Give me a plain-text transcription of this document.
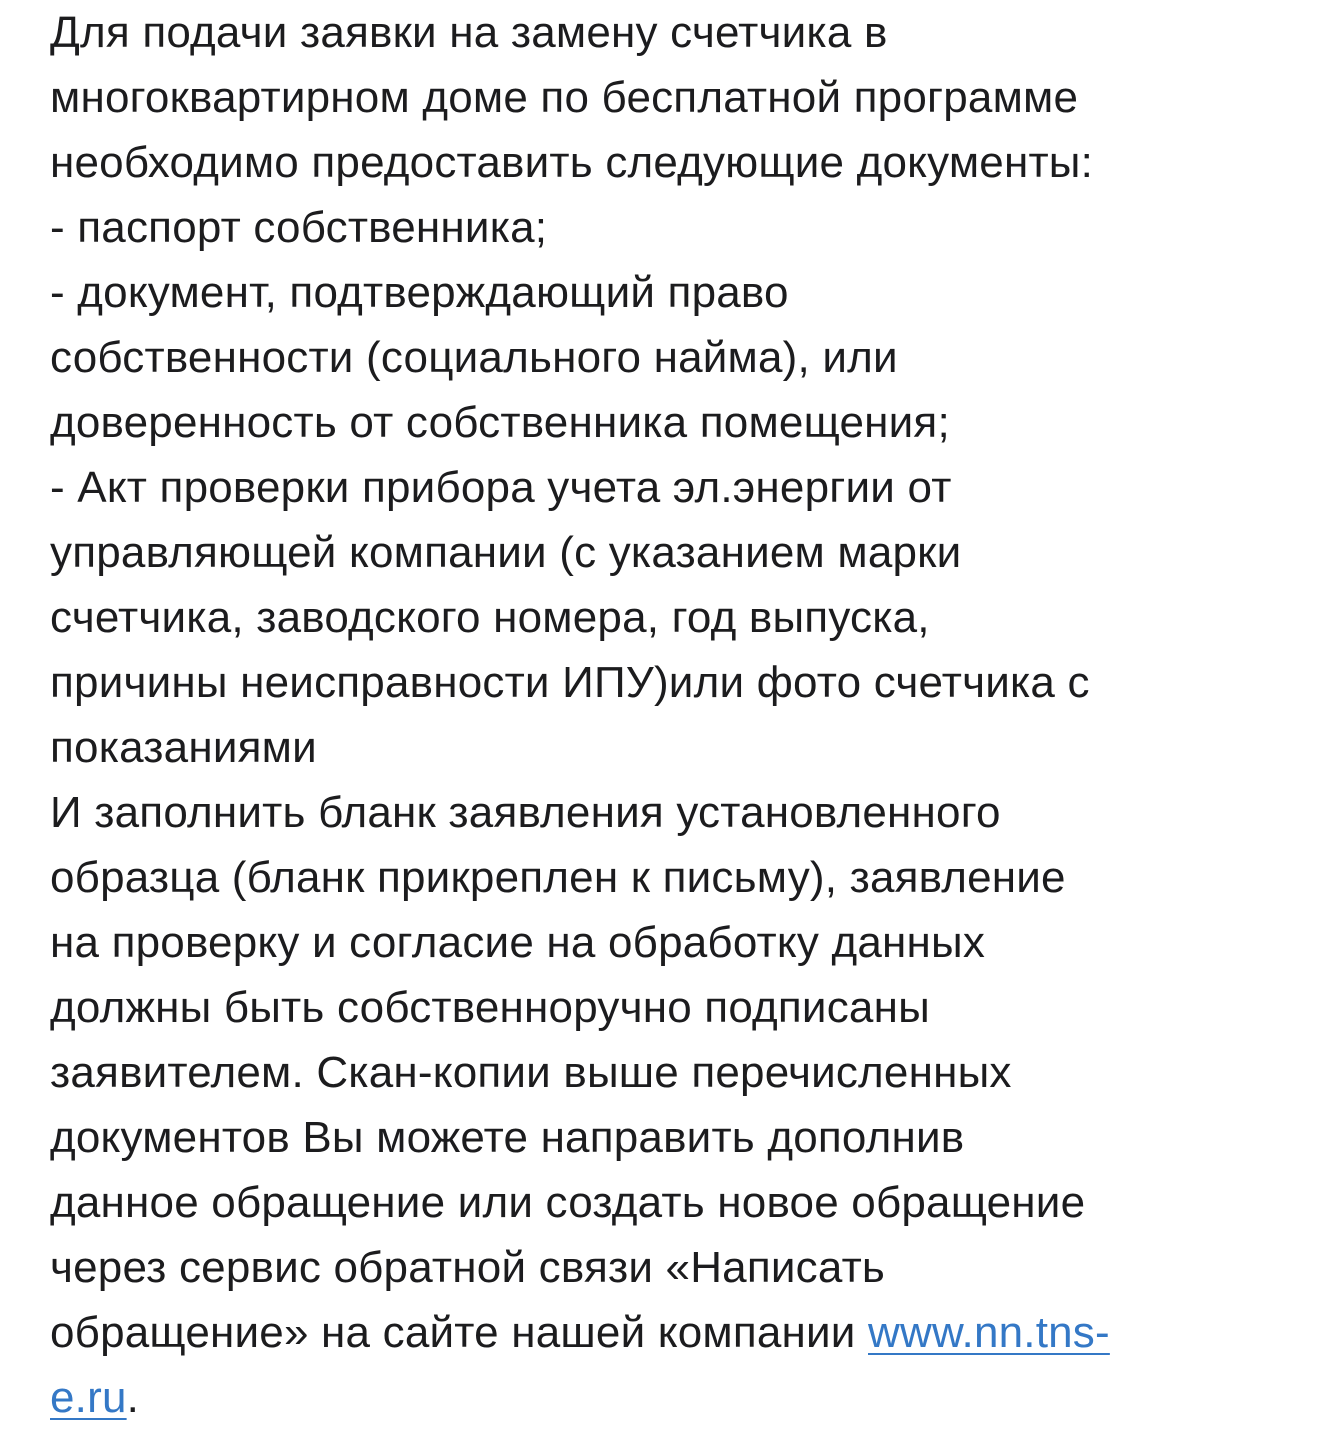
Для подачи заявки на замену счетчика в
многоквартирном доме по бесплатной программе
необходимо предоставить следующие документы:
- паспорт собственника;
- документ, подтверждающий право
собственности (социального найма), или
доверенность от собственника помещения;
- Акт проверки прибора учета эл.энергии от
управляющей компании (с указанием марки
счетчика, заводского номера, год выпуска,
причины неисправности ИПУ)или фото счетчика с
показаниями
И заполнить бланк заявления установленного
образца (бланк прикреплен к письму), заявление
на проверку и согласие на обработку данных
должны быть собственноручно подписаны
заявителем. Скан-копии выше перечисленных
документов Вы можете направить дополнив
данное обращение или создать новое обращение
через сервис обратной связи «Написать
обращение» на сайте нашей компании www.nn.tns-
e.ru.
